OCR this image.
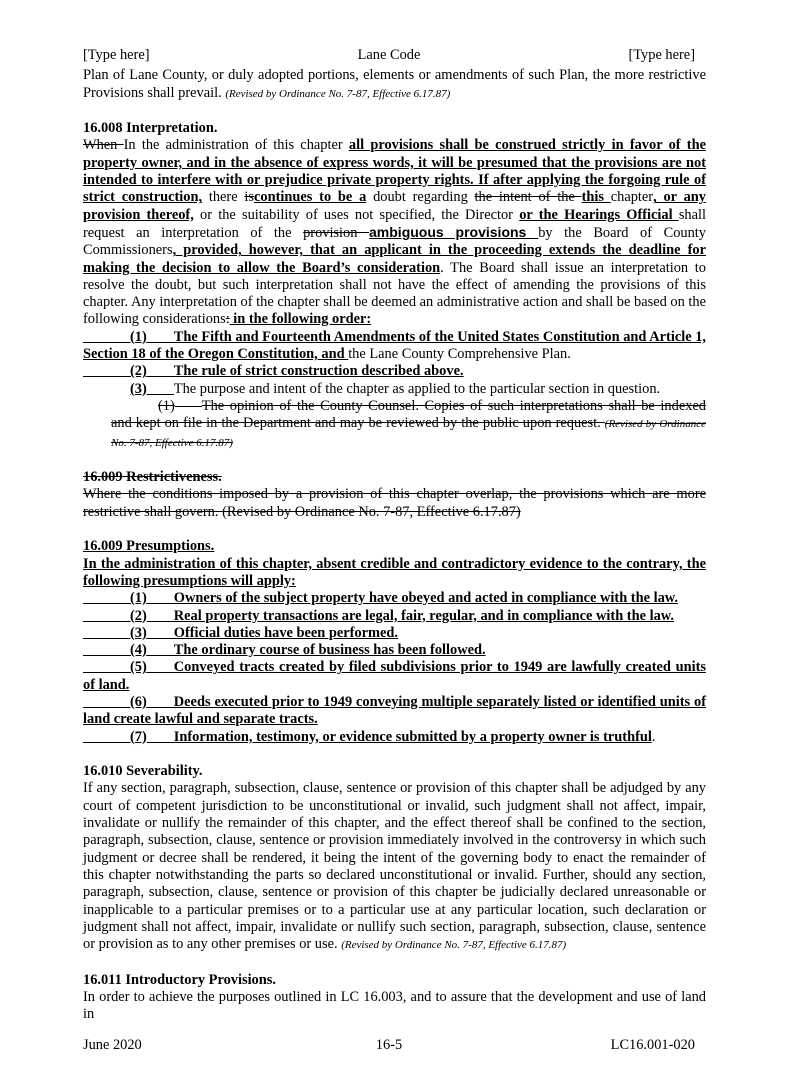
[Type here]	Lane Code	[Type here]

Plan of Lane County, or duly adopted portions, elements or amendments of such Plan, the more restrictive Provisions shall prevail. (Revised by Ordinance No. 7-87, Effective 6.17.87)

16.008 Interpretation.

When In the administration of this chapter all provisions shall be construed strictly in favor of the property owner, and in the absence of express words, it will be presumed that the provisions are not intended to interfere with or prejudice private property rights. If after applying the forgoing rule of strict construction, there iscontinues to be a doubt regarding the intent of the this chapter, or any provision thereof, or the suitability of uses not specified, the Director or the Hearings Official shall request an interpretation of the provision ambiguous provisions by the Board of County Commissioners, provided, however, that an applicant in the proceeding extends the deadline for making the decision to allow the Board’s consideration. The Board shall issue an interpretation to resolve the doubt, but such interpretation shall not have the effect of amending the provisions of this chapter. Any interpretation of the chapter shall be deemed an administrative action and shall be based on the following considerations: in the following order:

(1) The Fifth and Fourteenth Amendments of the United States Constitution and Article 1, Section 18 of the Oregon Constitution, and the Lane County Comprehensive Plan.

(2) The rule of strict construction described above.

(3) The purpose and intent of the chapter as applied to the particular section in question.

(1) The opinion of the County Counsel. Copies of such interpretations shall be indexed and kept on file in the Department and may be reviewed by the public upon request. (Revised by Ordinance No. 7-87, Effective 6.17.87)

16.009 Restrictiveness.

Where the conditions imposed by a provision of this chapter overlap, the provisions which are more restrictive shall govern. (Revised by Ordinance No. 7-87, Effective 6.17.87)

16.009 Presumptions.

In the administration of this chapter, absent credible and contradictory evidence to the contrary, the following presumptions will apply:

(1) Owners of the subject property have obeyed and acted in compliance with the law.

(2) Real property transactions are legal, fair, regular, and in compliance with the law.

(3) Official duties have been performed.

(4) The ordinary course of business has been followed.

(5) Conveyed tracts created by filed subdivisions prior to 1949 are lawfully created units of land.

(6) Deeds executed prior to 1949 conveying multiple separately listed or identified units of land create lawful and separate tracts.

(7) Information, testimony, or evidence submitted by a property owner is truthful.

16.010 Severability.

If any section, paragraph, subsection, clause, sentence or provision of this chapter shall be adjudged by any court of competent jurisdiction to be unconstitutional or invalid, such judgment shall not affect, impair, invalidate or nullify the remainder of this chapter, and the effect thereof shall be confined to the section, paragraph, subsection, clause, sentence or provision immediately involved in the controversy in which such judgment or decree shall be rendered, it being the intent of the governing body to enact the remainder of this chapter notwithstanding the parts so declared unconstitutional or invalid. Further, should any section, paragraph, subsection, clause, sentence or provision of this chapter be judicially declared unreasonable or inapplicable to a particular premises or to a particular use at any particular location, such declaration or judgment shall not affect, impair, invalidate or nullify such section, paragraph, subsection, clause, sentence or provision as to any other premises or use. (Revised by Ordinance No. 7-87, Effective 6.17.87)

16.011 Introductory Provisions.

In order to achieve the purposes outlined in LC 16.003, and to assure that the development and use of land in

June 2020	16-5	LC16.001-020
